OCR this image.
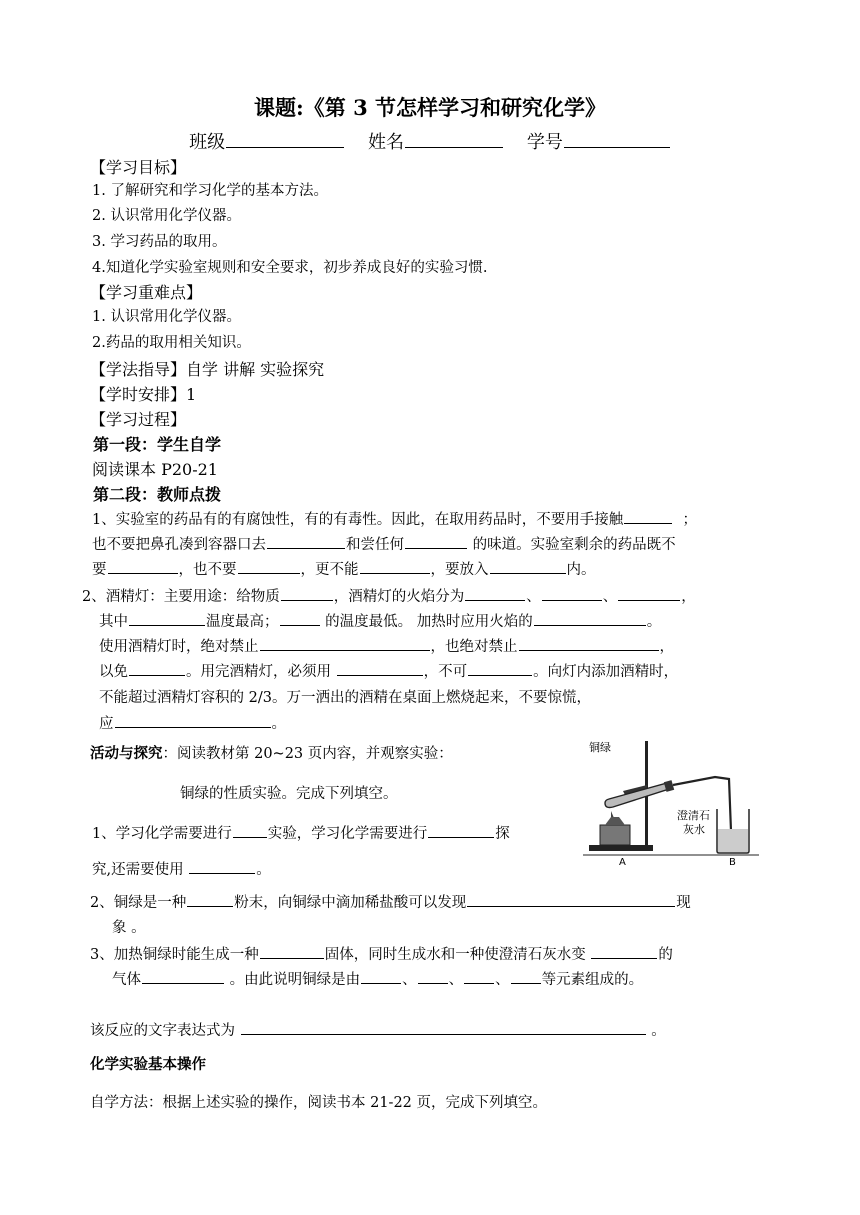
课题:《第 3 节怎样学习和研究化学》
班级	姓名	学号
【学习目标】
1. 了解研究和学习化学的基本方法。
2. 认识常用化学仪器。
3. 学习药品的取用。
4.知道化学实验室规则和安全要求，初步养成良好的实验习惯.
【学习重难点】
1. 认识常用化学仪器。
2.药品的取用相关知识。
【学法指导】自学 讲解 实验探究
【学时安排】1
【学习过程】
第一段：学生自学
阅读课本 P20-21
第二段：教师点拨
1、实验室的药品有的有腐蚀性，有的有毒性。因此，在取用药品时，不要用手接触	；
也不要把鼻孔凑到容器口去	和尝任何	的味道。实验室剩余的药品既不
要	，也不要	，更不能	，要放入	内。
2、酒精灯：主要用途：给物质	，酒精灯的火焰分为	、	、	，
其中	温度最高；	的温度最低。 加热时应用火焰的	。
使用酒精灯时，绝对禁止	，也绝对禁止	，
以免	。用完酒精灯，必须用	，不可	。向灯内添加酒精时，
不能超过酒精灯容积的 2/3。万一洒出的酒精在桌面上燃烧起来，不要惊慌，
应	。
活动与探究：阅读教材第 20~23 页内容，并观察实验：
铜绿的性质实验。完成下列填空。
1、学习化学需要进行 实验，学习化学需要进行	探
究,还需要使用	。
2、铜绿是一种	粉末，向铜绿中滴加稀盐酸可以发现	现
象 。
3、加热铜绿时能生成一种	固体，同时生成水和一种使澄清石灰水变	的
气体	。由此说明铜绿是由	、 、 、 等元素组成的。
该反应的文字表达式为	。
化学实验基本操作
自学方法：根据上述实验的操作，阅读书本 21-22 页，完成下列填空。
铜绿
澄清石
灰水
A	B
